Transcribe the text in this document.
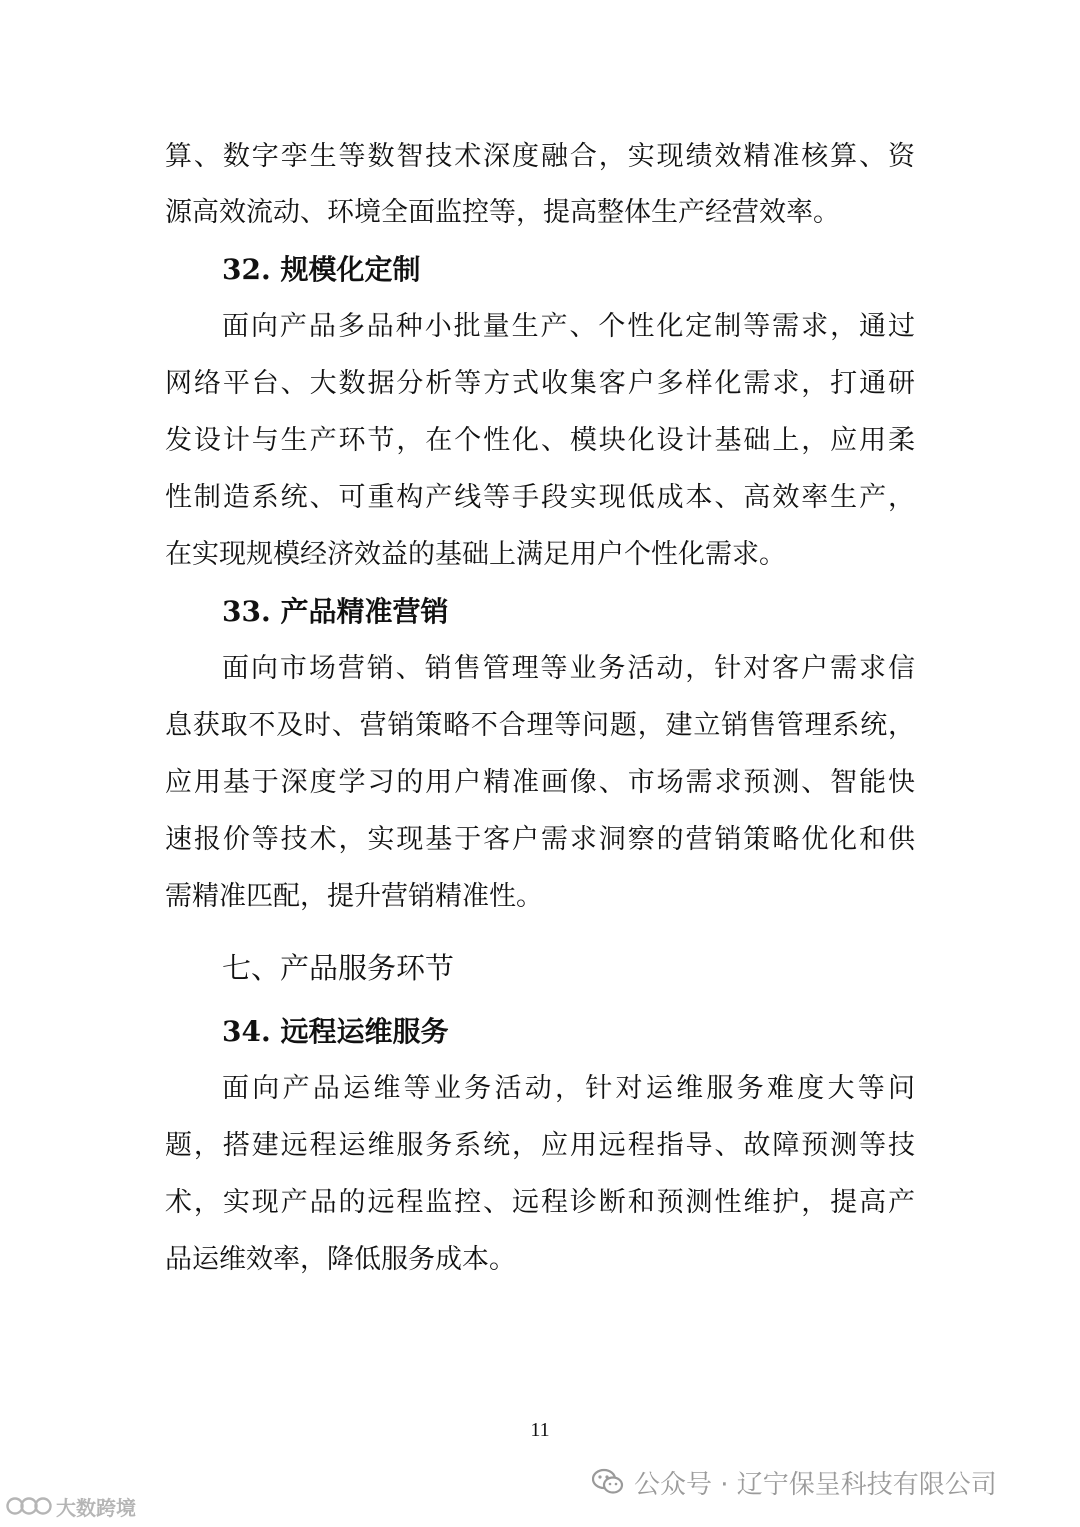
算、数字孪生等数智技术深度融合，实现绩效精准核算、资
源高效流动、环境全面监控等，提高整体生产经营效率。
32. 规模化定制
面向产品多品种小批量生产、个性化定制等需求，通过
网络平台、大数据分析等方式收集客户多样化需求，打通研
发设计与生产环节，在个性化、模块化设计基础上，应用柔
性制造系统、可重构产线等手段实现低成本、高效率生产，
在实现规模经济效益的基础上满足用户个性化需求。
33. 产品精准营销
面向市场营销、销售管理等业务活动，针对客户需求信
息获取不及时、营销策略不合理等问题，建立销售管理系统，
应用基于深度学习的用户精准画像、市场需求预测、智能快
速报价等技术，实现基于客户需求洞察的营销策略优化和供
需精准匹配，提升营销精准性。
七、产品服务环节
34. 远程运维服务
面向产品运维等业务活动，针对运维服务难度大等问
题，搭建远程运维服务系统，应用远程指导、故障预测等技
术，实现产品的远程监控、远程诊断和预测性维护，提高产
品运维效率，降低服务成本。
11
公众号 · 辽宁保呈科技有限公司
大数跨境
